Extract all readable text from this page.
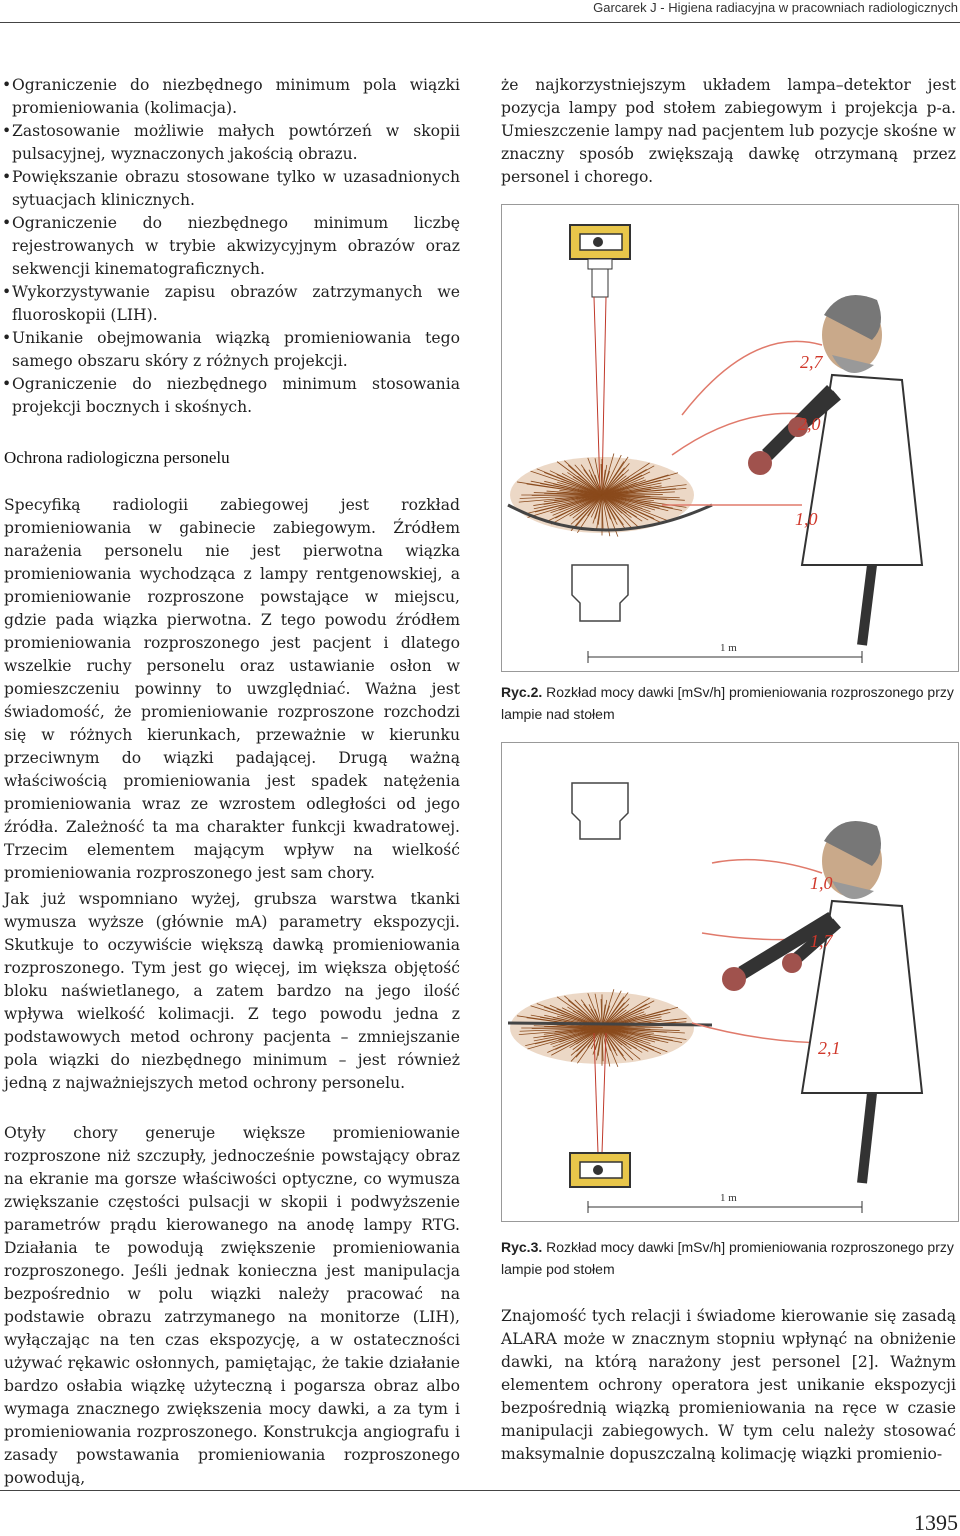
Garcarek J - Higiena radiacyjna w pracowniach radiologicznych
• Ograniczenie do niezbędnego minimum pola wiązki promieniowania (kolimacja).
• Zastosowanie możliwie małych powtórzeń w skopii pulsacyjnej, wyznaczonych jakością obrazu.
• Powiększanie obrazu stosowane tylko w uzasadnionych sytuacjach klinicznych.
• Ograniczenie do niezbędnego minimum liczbę rejestrowanych w trybie akwizycyjnym obrazów oraz sekwencji kinematograficznych.
• Wykorzystywanie zapisu obrazów zatrzymanych we fluoroskopii (LIH).
• Unikanie obejmowania wiązką promieniowania tego samego obszaru skóry z różnych projekcji.
• Ograniczenie do niezbędnego minimum stosowania projekcji bocznych i skośnych.
Ochrona radiologiczna personelu

Specyfiką radiologii zabiegowej jest rozkład promieniowania w gabinecie zabiegowym. Źródłem narażenia personelu nie jest pierwotna wiązka promieniowania wychodząca z lampy rentgenowskiej, a promieniowanie rozproszone powstające w miejscu, gdzie pada wiązka pierwotna. Z tego powodu źródłem promieniowania rozproszonego jest pacjent i dlatego wszelkie ruchy personelu oraz ustawianie osłon w pomieszczeniu powinny to uwzględniać. Ważna jest świadomość, że promieniowanie rozproszone rozchodzi się w różnych kierunkach, przeważnie w kierunku przeciwnym do wiązki padającej. Drugą ważną właściwością promieniowania jest spadek natężenia promieniowania wraz ze wzrostem odległości od jego źródła. Zależność ta ma charakter funkcji kwadratowej. Trzecim elementem mającym wpływ na wielkość promieniowania rozproszonego jest sam chory.

Jak już wspomniano wyżej, grubsza warstwa tkanki wymusza wyższe (głównie mA) parametry ekspozycji. Skutkuje to oczywiście większą dawką promieniowania rozproszonego. Tym jest go więcej, im większa objętość bloku naświetlanego, a zatem bardzo na jego ilość wpływa wielkość kolimacji. Z tego powodu jedna z podstawowych metod ochrony pacjenta – zmniejszanie pola wiązki do niezbędnego minimum – jest również jedną z najważniejszych metod ochrony personelu.

Otyły chory generuje większe promieniowanie rozproszone niż szczupły, jednocześnie powstający obraz na ekranie ma gorsze właściwości optyczne, co wymusza zwiększanie częstości pulsacji w skopii i podwyższenie parametrów prądu kierowanego na anodę lampy RTG. Działania te powodują zwiększenie promieniowania rozproszonego. Jeśli jednak konieczna jest manipulacja bezpośrednio w polu wiązki należy pracować na podstawie obrazu zatrzymanego na monitorze (LIH), wyłączając na ten czas ekspozycję, a w ostateczności używać rękawic osłonnych, pamiętając, że takie działanie bardzo osłabia wiązkę użyteczną i pogarsza obraz albo wymaga znacznego zwiększenia mocy dawki, a za tym i promieniowania rozproszonego. Konstrukcja angiografu i zasady powstawania promieniowania rozproszonego powodują,

że najkorzystniejszym układem lampa–detektor jest pozycja lampy pod stołem zabiegowym i projekcja p-a. Umieszczenie lampy nad pacjentem lub pozycje skośne w znaczny sposób zwiększają dawkę otrzymaną przez personel i chorego.

2,7
2,0
1,0
1 m
Ryc.2. Rozkład mocy dawki [mSv/h] promieniowania rozproszonego przy lampie nad stołem
1,0
1,7
2,1
1 m
Ryc.3. Rozkład mocy dawki [mSv/h] promieniowania rozproszonego przy lampie pod stołem

Znajomość tych relacji i świadome kierowanie się zasadą ALARA może w znacznym stopniu wpłynąć na obniżenie dawki, na którą narażony jest personel [2]. Ważnym elementem ochrony operatora jest unikanie ekspozycji bezpośrednią wiązką promieniowania na ręce w czasie manipulacji zabiegowych. W tym celu należy stosować maksymalnie dopuszczalną kolimację wiązki promienio-

1395
